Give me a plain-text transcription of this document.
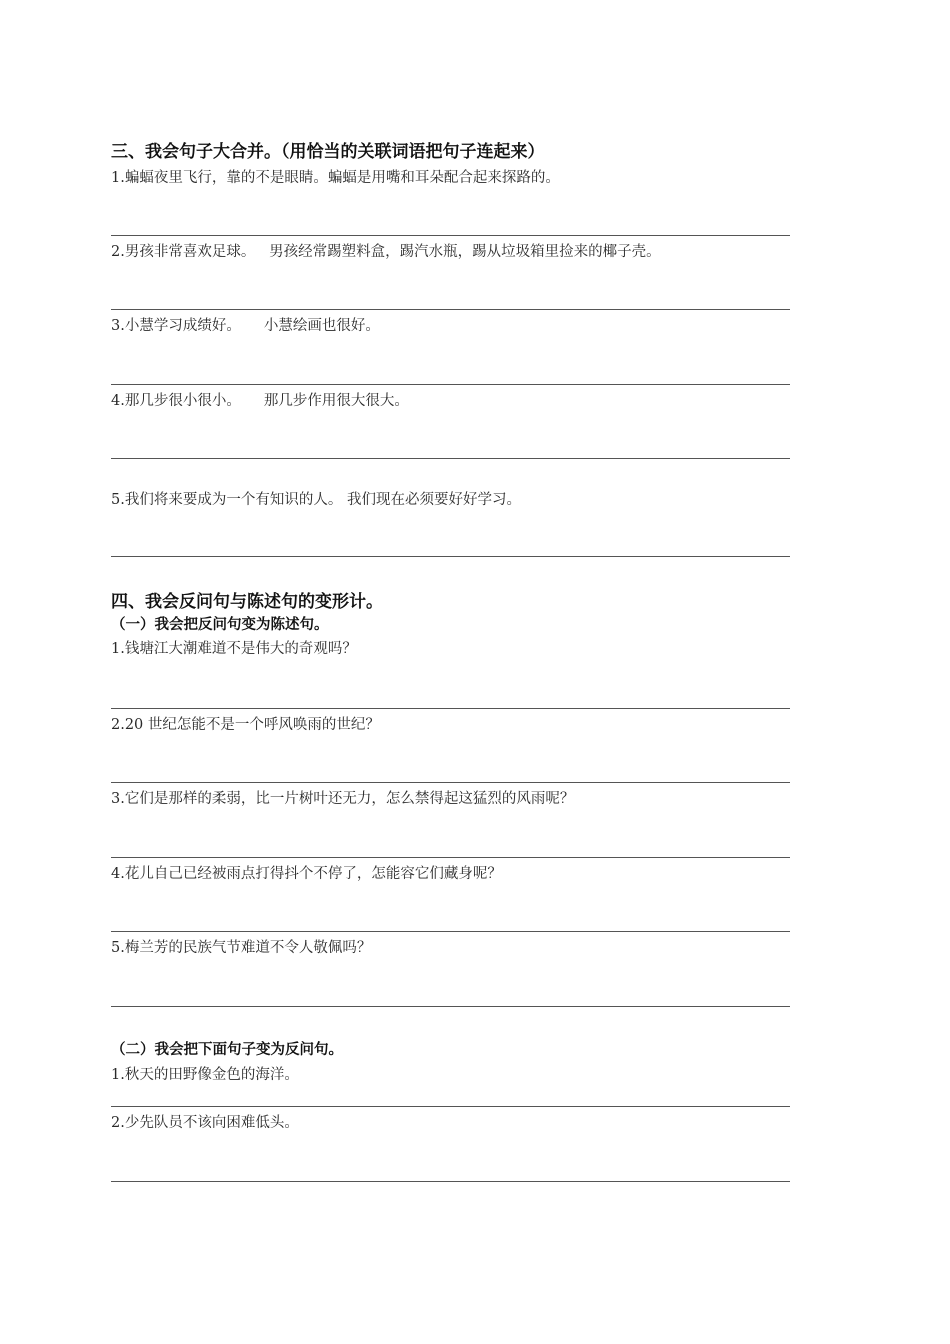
三、我会句子大合并。（用恰当的关联词语把句子连起来）
1.蝙蝠夜里飞行，靠的不是眼睛。蝙蝠是用嘴和耳朵配合起来探路的。
2.男孩非常喜欢足球。   男孩经常踢塑料盒，踢汽水瓶，踢从垃圾箱里捡来的椰子壳。
3.小慧学习成绩好。     小慧绘画也很好。
4.那几步很小很小。     那几步作用很大很大。
5.我们将来要成为一个有知识的人。 我们现在必须要好好学习。
四、我会反问句与陈述句的变形计。
（一）我会把反问句变为陈述句。
1.钱塘江大潮难道不是伟大的奇观吗？
2.20 世纪怎能不是一个呼风唤雨的世纪？
3.它们是那样的柔弱，比一片树叶还无力，怎么禁得起这猛烈的风雨呢？
4.花儿自己已经被雨点打得抖个不停了，怎能容它们藏身呢？
5.梅兰芳的民族气节难道不令人敬佩吗？
（二）我会把下面句子变为反问句。
1.秋天的田野像金色的海洋。
2.少先队员不该向困难低头。
